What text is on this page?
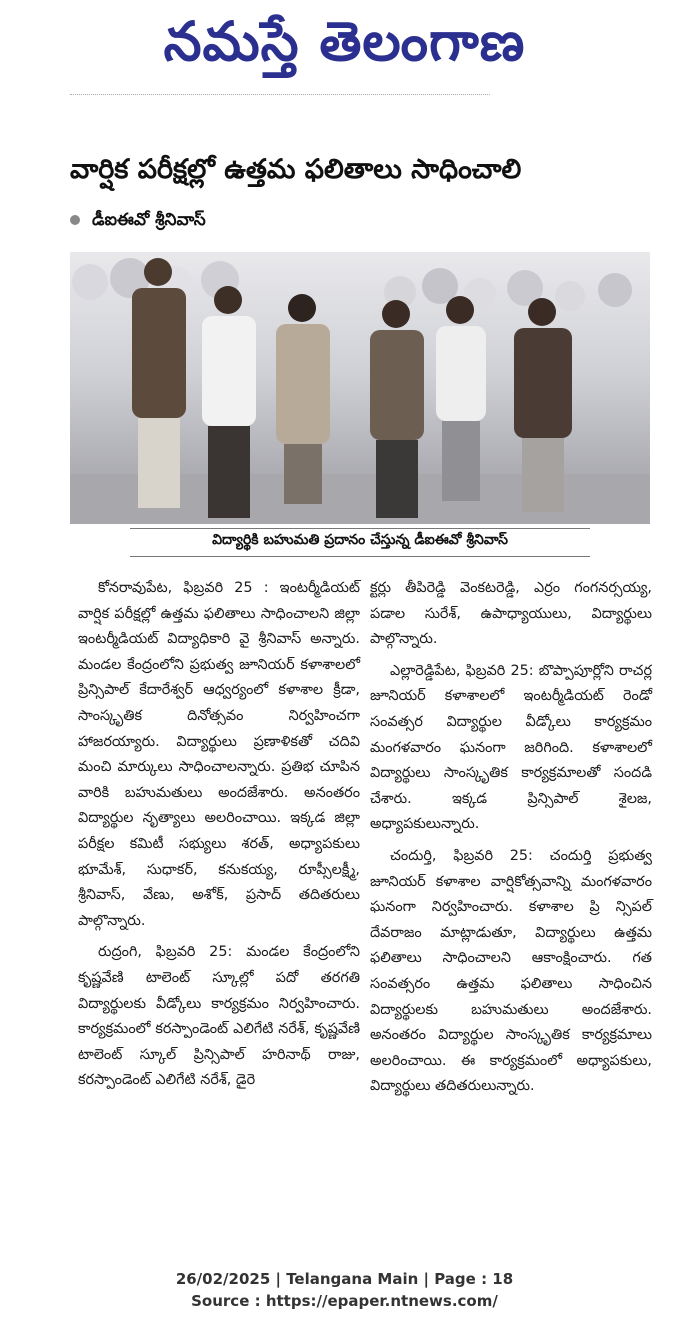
నమస్తే తెలంగాణ
వార్షిక పరీక్షల్లో ఉత్తమ ఫలితాలు సాధించాలి
డీఐఈవో శ్రీనివాస్
విద్యార్థికి బహుమతి ప్రదానం చేస్తున్న డీఐఈవో శ్రీనివాస్

కోనరావుపేట, ఫిబ్రవరి 25 : ఇంటర్మీడియట్ వార్షిక పరీక్షల్లో ఉత్తమ ఫలితాలు సాధించాలని జిల్లా ఇంటర్మీడియట్ విద్యాధికారి వై శ్రీనివాస్ అన్నారు. మండల కేంద్రంలోని ప్రభుత్వ జూనియర్ కళాశాలలో ప్రిన్సిపాల్ కేదారేశ్వర్ ఆధ్వర్యంలో కళాశాల క్రీడా, సాంస్కృతిక దినోత్సవం నిర్వహించగా హాజరయ్యారు. విద్యార్థులు ప్రణాళికతో చదివి మంచి మార్కులు సాధించాలన్నారు. ప్రతిభ చూపిన వారికి బహుమతులు అందజేశారు. అనంతరం విద్యార్థుల నృత్యాలు అలరించాయి. ఇక్కడ జిల్లా పరీక్షల కమిటీ సభ్యులు శరత్, అధ్యాపకులు భూమేశ్, సుధాకర్, కనుకయ్య, రూప్సీలక్ష్మీ, శ్రీనివాస్, వేణు, అశోక్, ప్రసాద్ తదితరులు పాల్గొన్నారు.

రుద్రంగి, ఫిబ్రవరి 25: మండల కేంద్రంలోని కృష్ణవేణి టాలెంట్ స్కూల్లో పదో తరగతి విద్యార్థులకు వీడ్కోలు కార్యక్రమం నిర్వహించారు. కార్యక్రమంలో కరస్పాండెంట్ ఎలిగేటి నరేశ్, కృష్ణవేణి టాలెంట్ స్కూల్ ప్రిన్సిపాల్ హరినాథ్ రాజు, కరస్పాండెంట్ ఎలిగేటి నరేశ్, డైరె

క్టర్లు తీపిరెడ్డి వెంకటరెడ్డి, ఎర్రం గంగనర్సయ్య, పడాల సురేశ్, ఉపాధ్యాయులు, విద్యార్థులు పాల్గొన్నారు.

ఎల్లారెడ్డిపేట, ఫిబ్రవరి 25: బొప్పాపూర్లోని రాచర్ల జూనియర్ కళాశాలలో ఇంటర్మీడియట్ రెండో సంవత్సర విద్యార్థుల వీడ్కోలు కార్యక్రమం మంగళవారం ఘనంగా జరిగింది. కళాశాలలో విద్యార్థులు సాంస్కృతిక కార్యక్రమాలతో సందడి చేశారు. ఇక్కడ ప్రిన్సిపాల్ శైలజ, అధ్యాపకులున్నారు.

చందుర్తి, ఫిబ్రవరి 25: చందుర్తి ప్రభుత్వ జూనియర్ కళాశాల వార్షికోత్సవాన్ని మంగళవారం ఘనంగా నిర్వహించారు. కళాశాల ప్రి న్సిపల్ దేవరాజం మాట్లాడుతూ, విద్యార్థులు ఉత్తమ ఫలితాలు సాధించాలని ఆకాంక్షించారు. గత సంవత్సరం ఉత్తమ ఫలితాలు సాధించిన విద్యార్థులకు బహుమతులు అందజేశారు. అనంతరం విద్యార్థుల సాంస్కృతిక కార్యక్రమాలు అలరించాయి. ఈ కార్యక్రమంలో అధ్యాపకులు, విద్యార్థులు తదితరులున్నారు.

26/02/2025 | Telangana Main | Page : 18
Source : https://epaper.ntnews.com/
